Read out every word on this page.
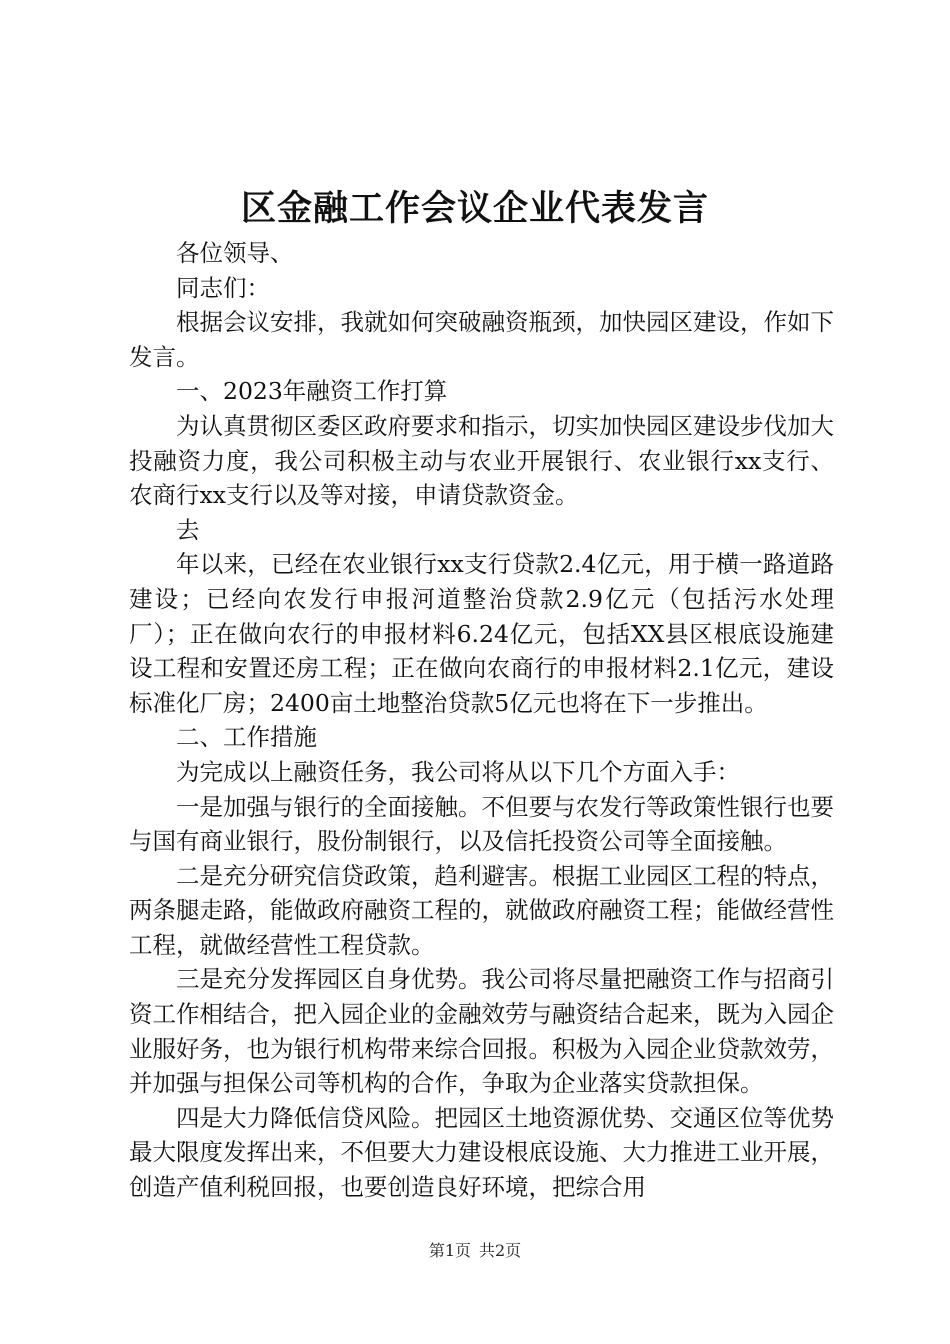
区金融工作会议企业代表发言

各位领导、

同志们：

根据会议安排，我就如何突破融资瓶颈，加快园区建设，作如下发言。

一、2023年融资工作打算

为认真贯彻区委区政府要求和指示，切实加快园区建设步伐加大投融资力度，我公司积极主动与农业开展银行、农业银行xx支行、农商行xx支行以及等对接，申请贷款资金。

去

年以来，已经在农业银行xx支行贷款2.4亿元，用于横一路道路建设；已经向农发行申报河道整治贷款2.9亿元（包括污水处理厂）；正在做向农行的申报材料6.24亿元，包括XX县区根底设施建设工程和安置还房工程；正在做向农商行的申报材料2.1亿元，建设标准化厂房；2400亩土地整治贷款5亿元也将在下一步推出。

二、工作措施

为完成以上融资任务，我公司将从以下几个方面入手：

一是加强与银行的全面接触。不但要与农发行等政策性银行也要与国有商业银行，股份制银行，以及信托投资公司等全面接触。

二是充分研究信贷政策，趋利避害。根据工业园区工程的特点，两条腿走路，能做政府融资工程的，就做政府融资工程；能做经营性工程，就做经营性工程贷款。

三是充分发挥园区自身优势。我公司将尽量把融资工作与招商引资工作相结合，把入园企业的金融效劳与融资结合起来，既为入园企业服好务，也为银行机构带来综合回报。积极为入园企业贷款效劳，并加强与担保公司等机构的合作，争取为企业落实贷款担保。

四是大力降低信贷风险。把园区土地资源优势、交通区位等优势最大限度发挥出来，不但要大力建设根底设施、大力推进工业开展，创造产值利税回报，也要创造良好环境，把综合用

第1页 共2页
